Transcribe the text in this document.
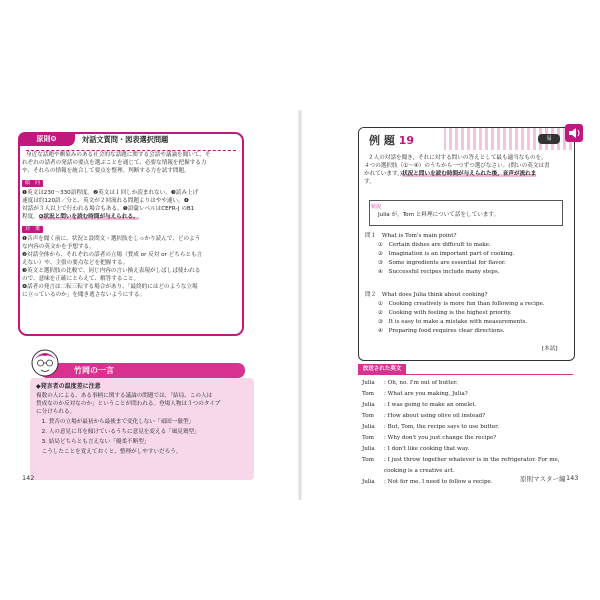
原則❽	対話文質問・図表選択問題
身近な話題や馴染みのある社会的な話題に関する会話や議論を聞いて、そ
れぞれの話者の発話の要点を選ぶことを通じて、必要な情報を把握する力
や、それらの情報を統合して要点を整理、判断する力を試す問題。
傾　向
❶英文は230〜330語程度。❷英文は１回しか読まれない。❸読み上げ
速度は約120語／分と、英文が２回流れる問題よりはやや速い。❹
対話が３人以上で行われる場合もある。❺語彙レベルはCEFR-J のB1
程度。❻状況と問いを読む時間が与えられる。
対　策
❶音声を聞く前に、状況と設問文・選択肢をしっかり読んで、どのよう
な内容の英文かを予想する。
❷対話全体から、それぞれの話者の立場（賛成 or 反対 or どちらとも言
えない）や、主張の要点などを把握する。
❸英文と選択肢の比較で、同じ内容の言い換え表現がしばしば使われる
ので、意味を正確にとらえて、解答すること。
❹話者の発言は二転三転する場合があり、「最終的にはどのような立場
に立っているのか」を聞き逃さないようにする。
竹岡の一言
◆発言者の温度差に注意
複数の人による、ある事柄に関する議論の問題では、「結局、この人は
賛成なのか反対なのか」ということが問われる。登場人物は３つのタイプ
に分けられる。
　1. 賛否の立場が最初から最後まで変化しない「頑固一徹型」
　2. 人の意見に耳を傾けているうちに意見を変える「風見鶏型」
　3. 結局どちらとも言えない「優柔不断型」
　こうしたことを覚えておくと、整理がしやすいだろう。
142
例 題 19	易
２人の対話を聞き，それに対する問いの答えとして最も適当なものを，
４つの選択肢（①〜④）のうちから一つずつ選びなさい。(問いの英文は書
かれています。)状況と問いを読む時間が与えられた後，音声が流れま
す。
状況
Julia が，Tom と料理について話をしています。
問１　 What is Tom's main point?
①　Certain dishes are difficult to make.
②　Imagination is an important part of cooking.
③　Some ingredients are essential for flavor.
④　Successful recipes include many steps.
問２　 What does Julia think about cooking?
①　Cooking creatively is more fun than following a recipe.
②　Cooking with feeling is the highest priority.
③　It is easy to make a mistake with measurements.
④　Preparing food requires clear directions.
[本試]
放送された英文
Julia : Oh, no. I'm out of butter.
Tom : What are you making, Julia?
Julia : I was going to make an omelet.
Tom : How about using olive oil instead?
Julia : But, Tom, the recipe says to use butter.
Tom : Why don't you just change the recipe?
Julia : I don't like cooking that way.
Tom : I just throw together whatever is in the refrigerator. For me,
cooking is a creative act.
Julia : Not for me. I need to follow a recipe.	原則マスター編 143
